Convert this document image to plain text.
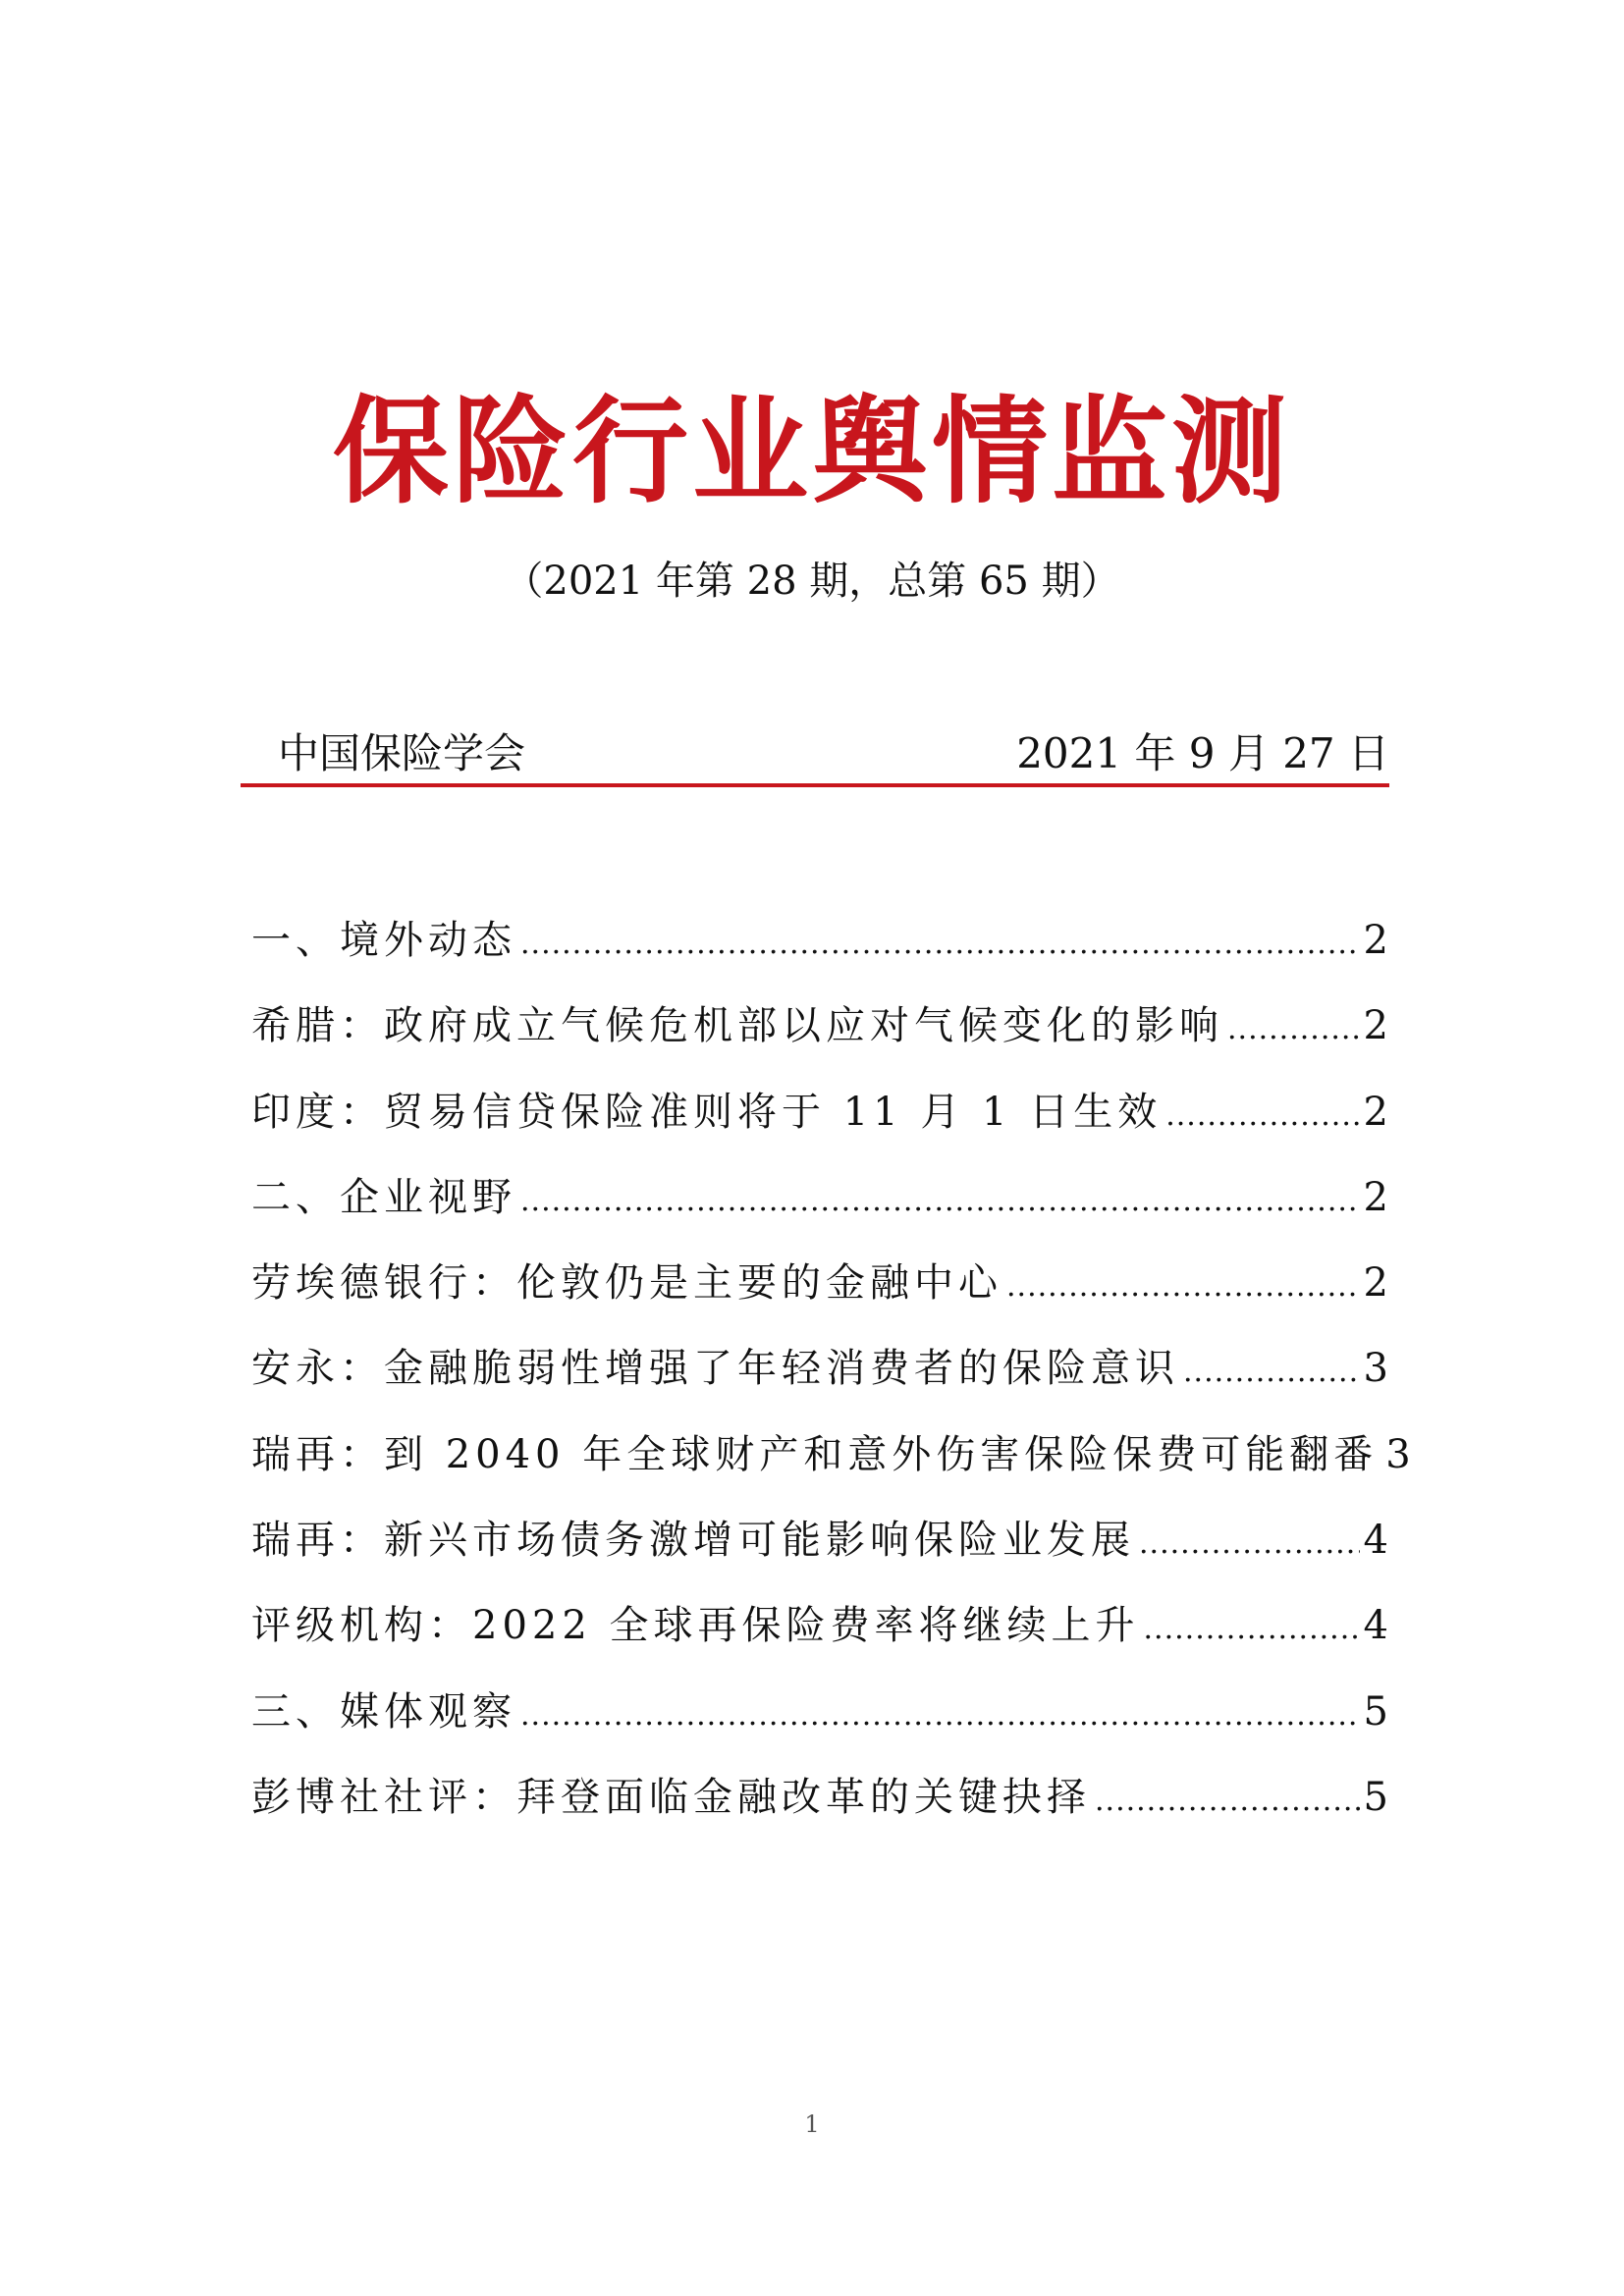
保险行业舆情监测
（2021 年第 28 期，总第 65 期）
中国保险学会	2021 年 9 月 27 日
一、境外动态 .....	2
希腊：政府成立气候危机部以应对气候变化的影响 .....	2
印度：贸易信贷保险准则将于 11 月 1 日生效 .....	2
二、企业视野 .....	2
劳埃德银行：伦敦仍是主要的金融中心 .....	2
安永：金融脆弱性增强了年轻消费者的保险意识 .....	3
瑞再：到 2040 年全球财产和意外伤害保险保费可能翻番 3
瑞再：新兴市场债务激增可能影响保险业发展 .....	4
评级机构：2022 全球再保险费率将继续上升 .....	4
三、媒体观察 .....	5
彭博社社评：拜登面临金融改革的关键抉择 .....	5
1
